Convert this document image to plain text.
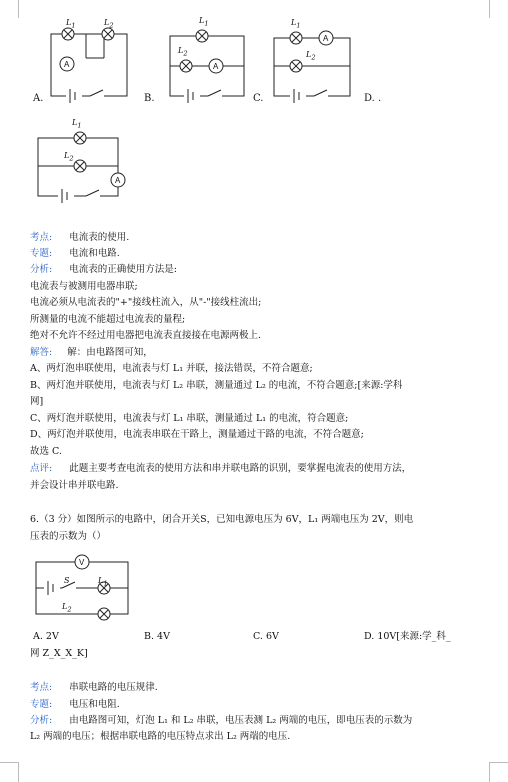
A
$L_1$	$L_2$
A.
A
$L_1$
$L_2$
B.
A
$L_1$
$L_2$
C.	D. .
A
$L_1$
$L_2$
考点: 电流表的使用.
专题: 电流和电路.
分析: 电流表的正确使用方法是:
电流表与被测用电器串联;
电流必须从电流表的"+"接线柱流入，从"-"接线柱流出;
所测量的电流不能超过电流表的量程;
绝对不允许不经过用电器把电流表直接接在电源两极上.
解答: 解：由电路图可知，
A、两灯泡串联使用，电流表与灯 L₁ 并联，接法错误，不符合题意;
B、两灯泡并联使用，电流表与灯 L₂ 串联，测量通过 L₂ 的电流，不符合题意;[来源:学科
网]
C、两灯泡并联使用，电流表与灯 L₁ 串联，测量通过 L₁ 的电流，符合题意;
D、两灯泡并联使用，电流表串联在干路上，测量通过干路的电流，不符合题意;
故选 C.
点评: 此题主要考查电流表的使用方法和串并联电路的识别，要掌握电流表的使用方法，
并会设计串并联电路.
6.（3 分）如图所示的电路中，闭合开关S，已知电源电压为 6V，L₁ 两端电压为 2V，则电
压表的示数为（）
V
S	$L_1$
$L_2$
A. 2V	B. 4V	C. 6V	D. 10V[来源:学_科_
网 Z_X_X_K]
考点: 串联电路的电压规律.
专题: 电压和电阻.
分析: 由电路图可知，灯泡 L₁ 和 L₂ 串联，电压表测 L₂ 两端的电压，即电压表的示数为
L₂ 两端的电压；根据串联电路的电压特点求出 L₂ 两端的电压.
